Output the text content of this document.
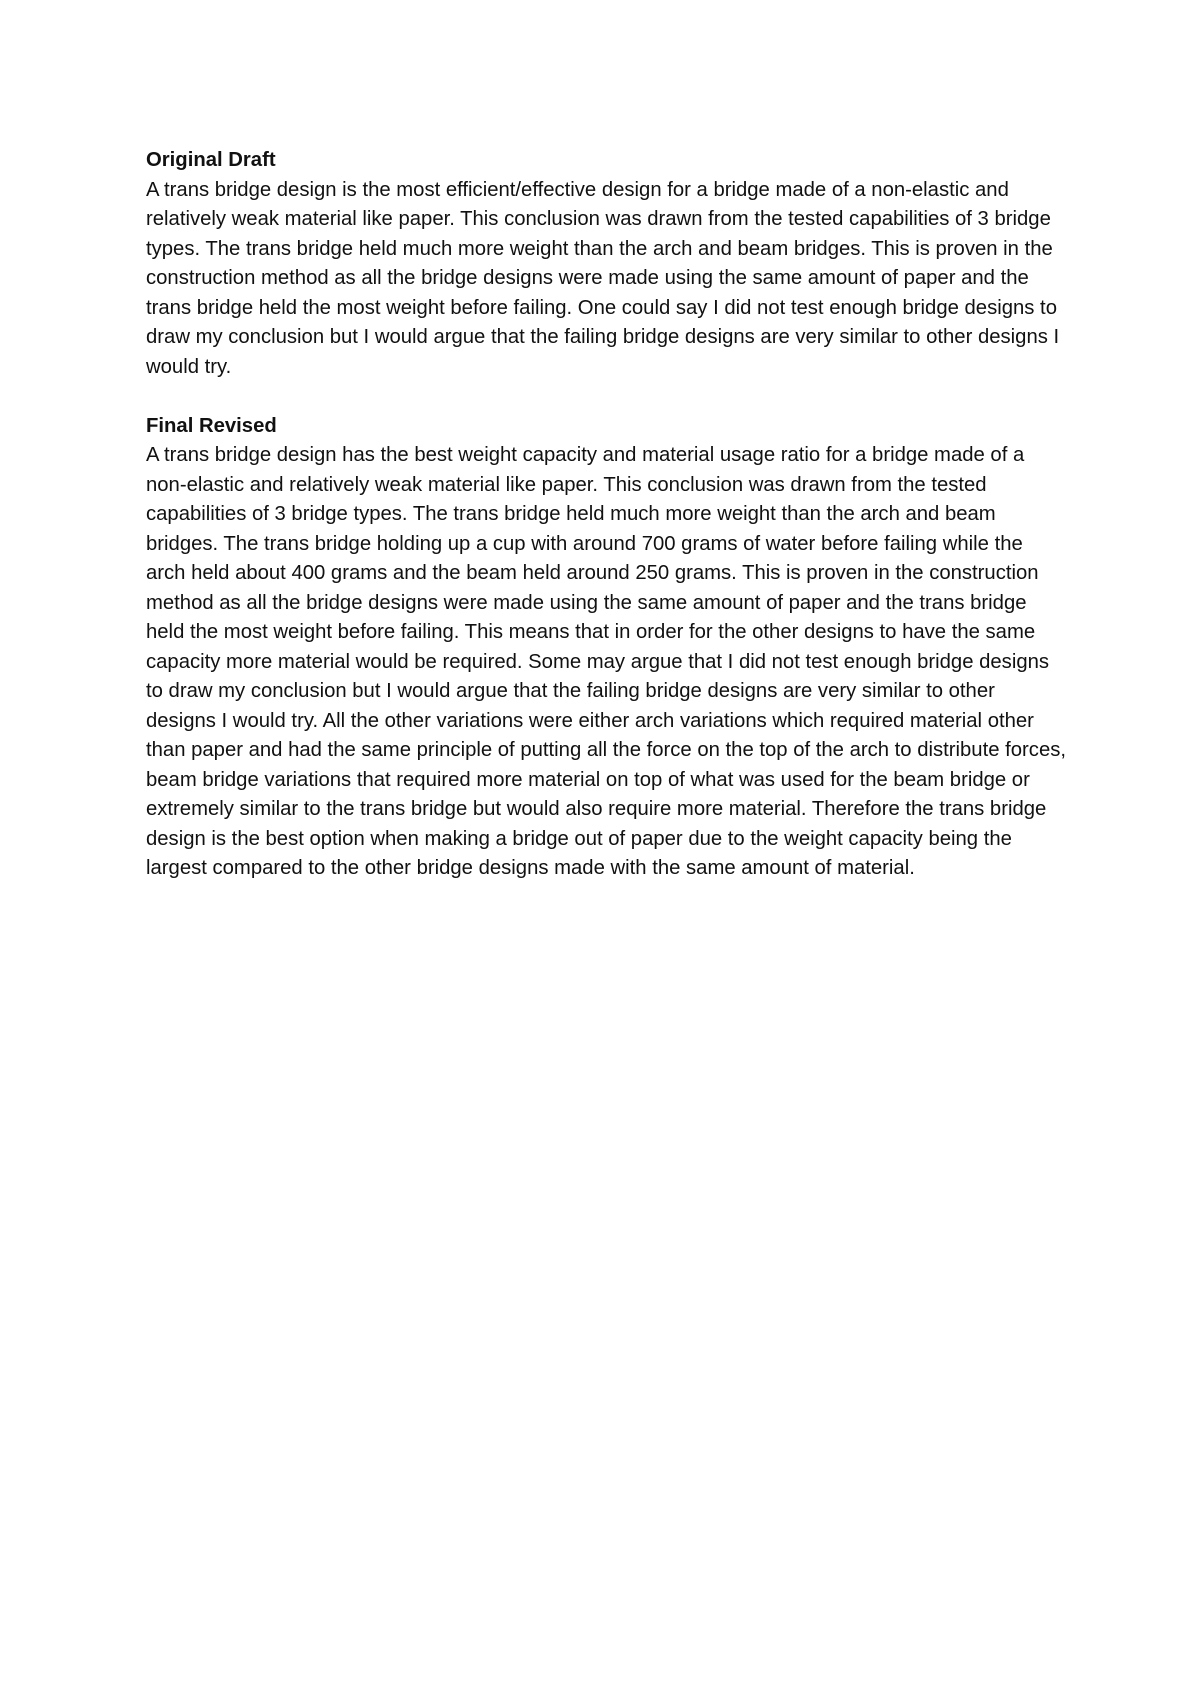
Original Draft

A trans bridge design is the most efficient/effective design for a bridge made of a non-elastic and relatively weak material like paper. This conclusion was drawn from the tested capabilities of 3 bridge types. The trans bridge held much more weight than the arch and beam bridges. This is proven in the construction method as all the bridge designs were made using the same amount of paper and the trans bridge held the most weight before failing. One could say I did not test enough bridge designs to draw my conclusion but I would argue that the failing bridge designs are very similar to other designs I would try.

Final Revised

A trans bridge design has the best weight capacity and material usage ratio for a bridge made of a non-elastic and relatively weak material like paper. This conclusion was drawn from the tested capabilities of 3 bridge types. The trans bridge held much more weight than the arch and beam bridges. The trans bridge holding up a cup with around 700 grams of water before failing while the arch held about 400 grams and the beam held around 250 grams. This is proven in the construction method as all the bridge designs were made using the same amount of paper and the trans bridge held the most weight before failing. This means that in order for the other designs to have the same capacity more material would be required. Some may argue that I did not test enough bridge designs to draw my conclusion but I would argue that the failing bridge designs are very similar to other designs I would try. All the other variations were either arch variations which required material other than paper and had the same principle of putting all the force on the top of the arch to distribute forces, beam bridge variations that required more material on top of what was used for the beam bridge or extremely similar to the trans bridge but would also require more material. Therefore the trans bridge design is the best option when making a bridge out of paper due to the weight capacity being the largest compared to the other bridge designs made with the same amount of material.
